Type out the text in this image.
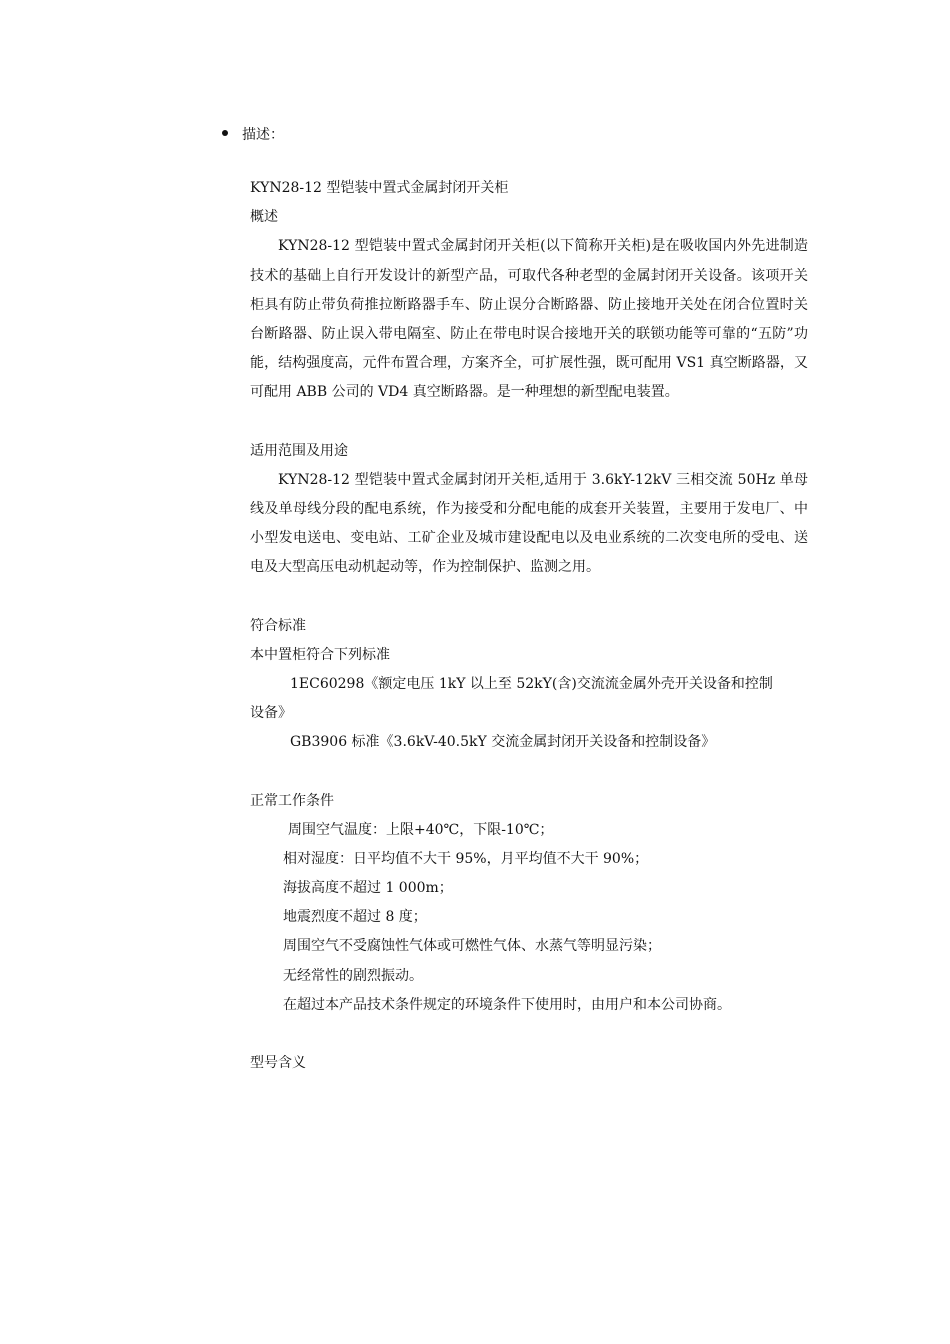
描述：
KYN28-12 型铠装中置式金属封闭开关柜
概述

KYN28-12 型铠装中置式金属封闭开关柜(以下简称开关柜)是在吸收国内外先进制造技术的基础上自行开发设计的新型产品，可取代各种老型的金属封闭开关设备。该项开关柜具有防止带负荷推拉断路器手车、防止误分合断路器、防止接地开关处在闭合位置时关台断路器、防止误入带电隔室、防止在带电时误合接地开关的联锁功能等可靠的“五防”功能，结构强度高，元件布置合理，方案齐全，可扩展性强，既可配用 VS1 真空断路器，又可配用 ABB 公司的 VD4 真空断路器。是一种理想的新型配电装置。

适用范围及用途

KYN28-12 型铠装中置式金属封闭开关柜,适用于 3.6kY-12kV 三相交流 50Hz 单母线及单母线分段的配电系统，作为接受和分配电能的成套开关装置，主要用于发电厂、中小型发电送电、变电站、工矿企业及城市建设配电以及电业系统的二次变电所的受电、送电及大型高压电动机起动等，作为控制保护、监测之用。

符合标准
本中置柜符合下列标准
1EC60298《额定电压 1kY 以上至 52kY(含)交流流金属外壳开关设备和控制
设备》
GB3906 标准《3.6kV-40.5kY 交流金属封闭开关设备和控制设备》
正常工作条件
周围空气温度：上限+40℃，下限-10℃；
相对湿度：日平均值不大干 95%，月平均值不大干 90%；
海拔高度不超过 1 000m；
地震烈度不超过 8 度；
周围空气不受腐蚀性气体或可燃性气体、水蒸气等明显污染；
无经常性的剧烈振动。
在超过本产品技术条件规定的环境条件下使用时，由用户和本公司协商。
型号含义
